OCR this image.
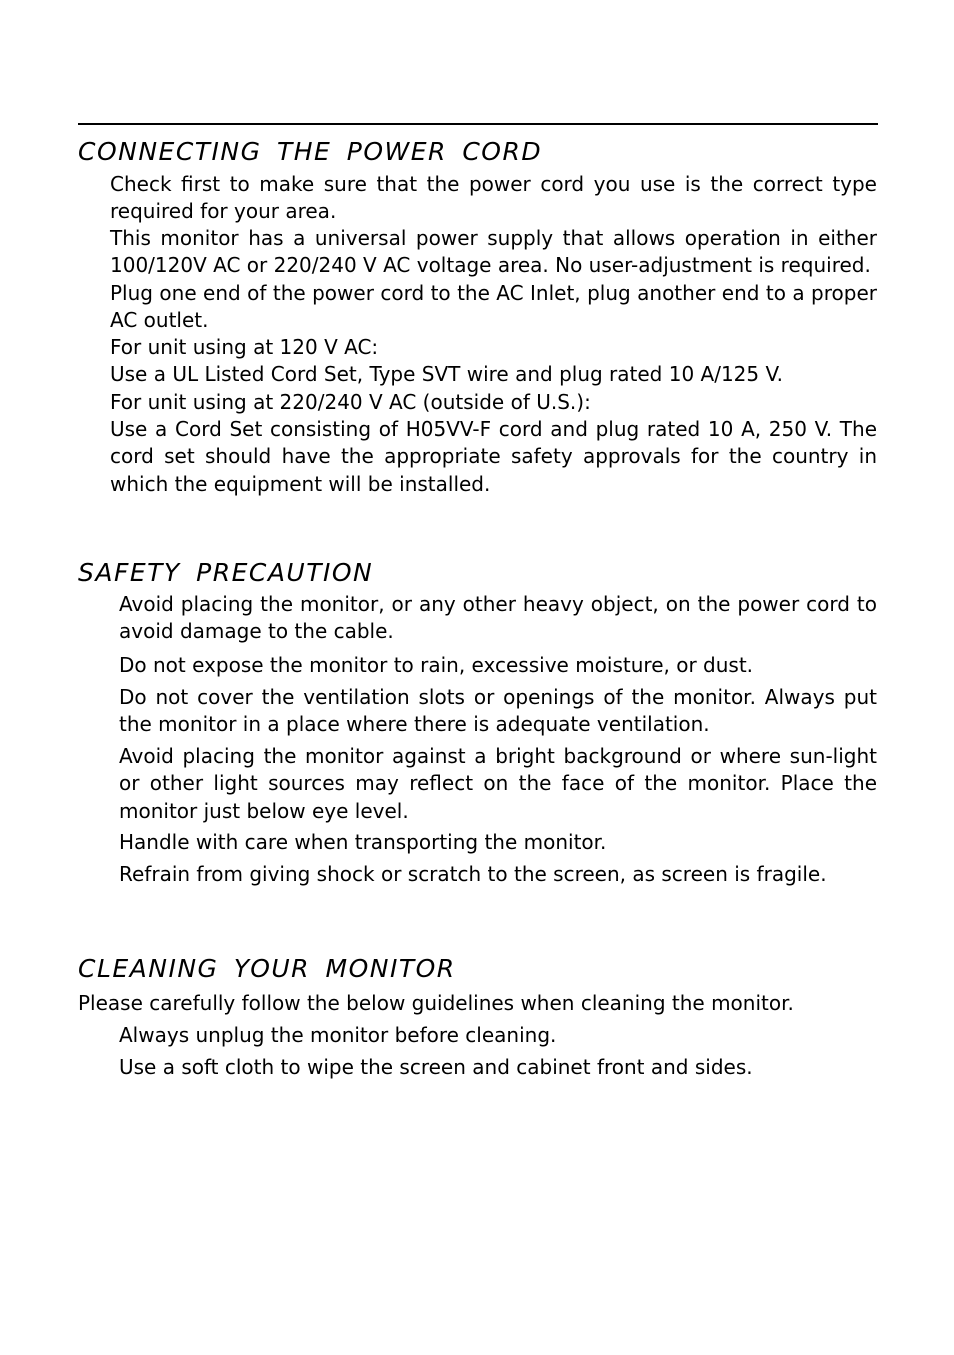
CONNECTING THE POWER CORD

Check first to make sure that the power cord you use is the correct type required for your area.

This monitor has a universal power supply that allows operation in either 100/120V AC or 220/240 V AC voltage area. No user-adjustment is required.

Plug one end of the power cord to the AC Inlet, plug another end to a proper AC outlet.

For unit using at 120 V AC:

Use a UL Listed Cord Set, Type SVT wire and plug rated 10 A/125 V.

For unit using at 220/240 V AC (outside of U.S.):

Use a Cord Set consisting of H05VV-F cord and plug rated 10 A, 250 V. The cord set should have the appropriate safety approvals for the country in which the equipment will be installed.

SAFETY PRECAUTION

Avoid placing the monitor, or any other heavy object, on the power cord to avoid damage to the cable.

Do not expose the monitor to rain, excessive moisture, or dust.

Do not cover the ventilation slots or openings of the monitor. Always put the monitor in a place where there is adequate ventilation.

Avoid placing the monitor against a bright background or where sun-light or other light sources may reflect on the face of the monitor. Place the monitor just below eye level.

Handle with care when transporting the monitor.

Refrain from giving shock or scratch to the screen, as screen is fragile.

CLEANING YOUR MONITOR

Please carefully follow the below guidelines when cleaning the monitor.

Always unplug the monitor before cleaning.

Use a soft cloth to wipe the screen and cabinet front and sides.
